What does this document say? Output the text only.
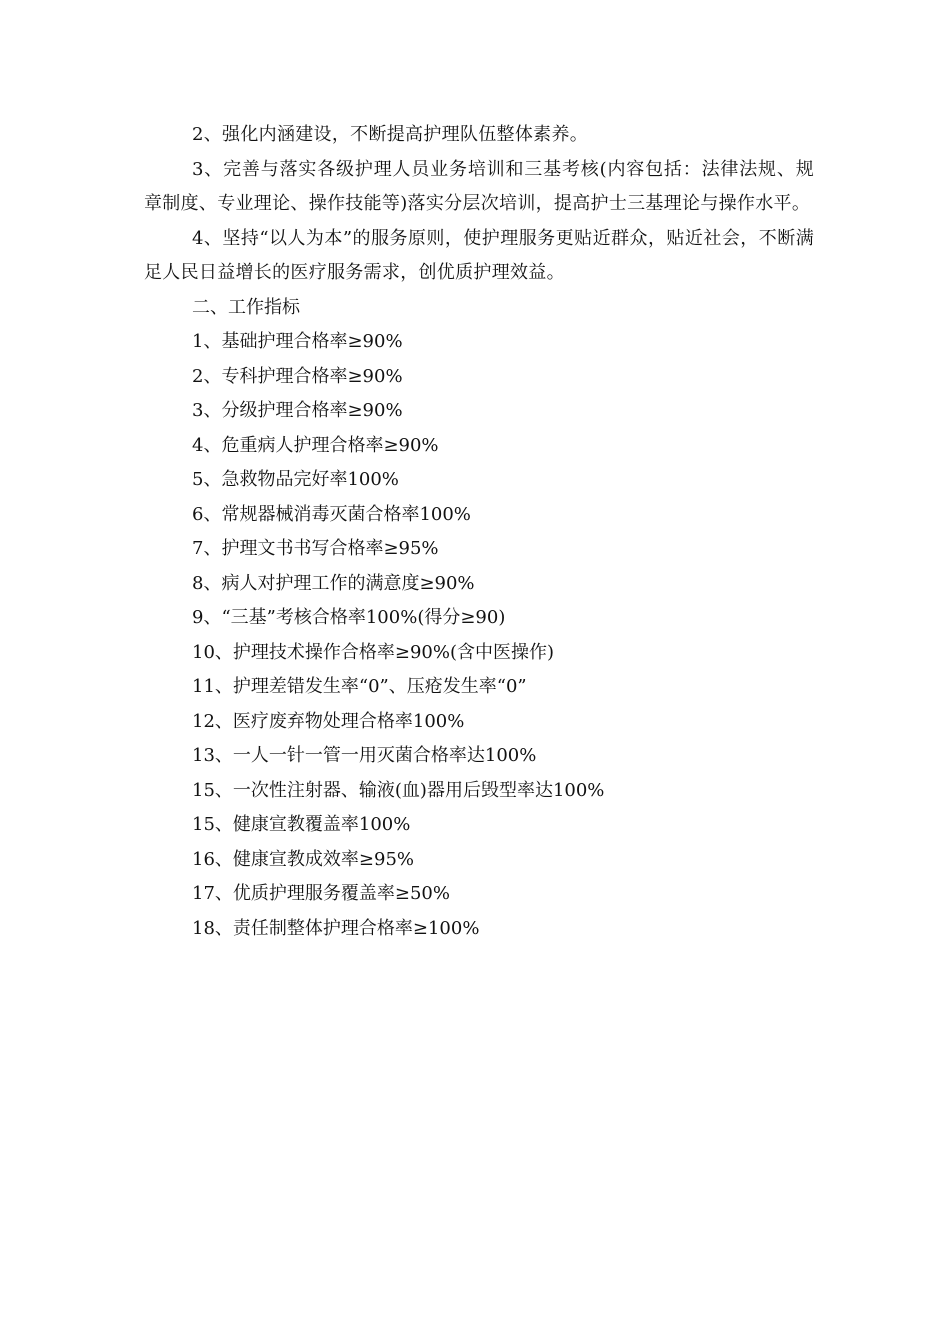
2、强化内涵建设，不断提高护理队伍整体素养。

3、完善与落实各级护理人员业务培训和三基考核(内容包括：法律法规、规章制度、专业理论、操作技能等)落实分层次培训，提高护士三基理论与操作水平。

4、坚持“以人为本”的服务原则，使护理服务更贴近群众，贴近社会，不断满足人民日益增长的医疗服务需求，创优质护理效益。

二、工作指标

1、基础护理合格率≥90%
2、专科护理合格率≥90%
3、分级护理合格率≥90%
4、危重病人护理合格率≥90%
5、急救物品完好率100%
6、常规器械消毒灭菌合格率100%
7、护理文书书写合格率≥95%
8、病人对护理工作的满意度≥90%
9、“三基”考核合格率100%(得分≥90)
10、护理技术操作合格率≥90%(含中医操作)
11、护理差错发生率“0”、压疮发生率“0”
12、医疗废弃物处理合格率100%
13、一人一针一管一用灭菌合格率达100%
15、一次性注射器、输液(血)器用后毁型率达100%
15、健康宣教覆盖率100%
16、健康宣教成效率≥95%
17、优质护理服务覆盖率≥50%
18、责任制整体护理合格率≥100%
